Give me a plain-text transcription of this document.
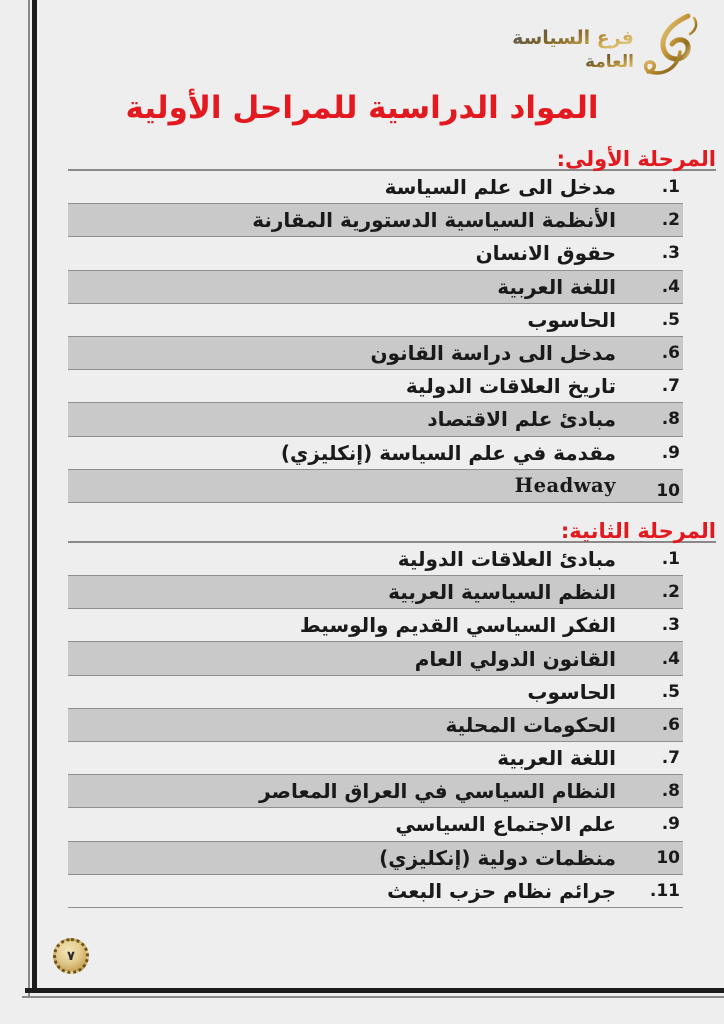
فرع السياسة
العامة
المواد الدراسية للمراحل الأولية
المرحلة الأولى:
1.
مدخل الى علم السياسة
2.
الأنظمة السياسية الدستورية المقارنة
3.
حقوق الانسان
4.
اللغة العربية
5.
الحاسوب
6.
مدخل الى دراسة القانون
7.
تاريخ العلاقات الدولية
8.
مبادئ علم الاقتصاد
9.
مقدمة في علم السياسة (إنكليزي)
10
Headway
المرحلة الثانية:
1.
مبادئ العلاقات الدولية
2.
النظم السياسية العربية
3.
الفكر السياسي القديم والوسيط
4.
القانون الدولي العام
5.
الحاسوب
6.
الحكومات المحلية
7.
اللغة العربية
8.
النظام السياسي في العراق المعاصر
9.
علم الاجتماع السياسي
10
منظمات دولية (إنكليزي)
11.
جرائم نظام حزب البعث
٧
